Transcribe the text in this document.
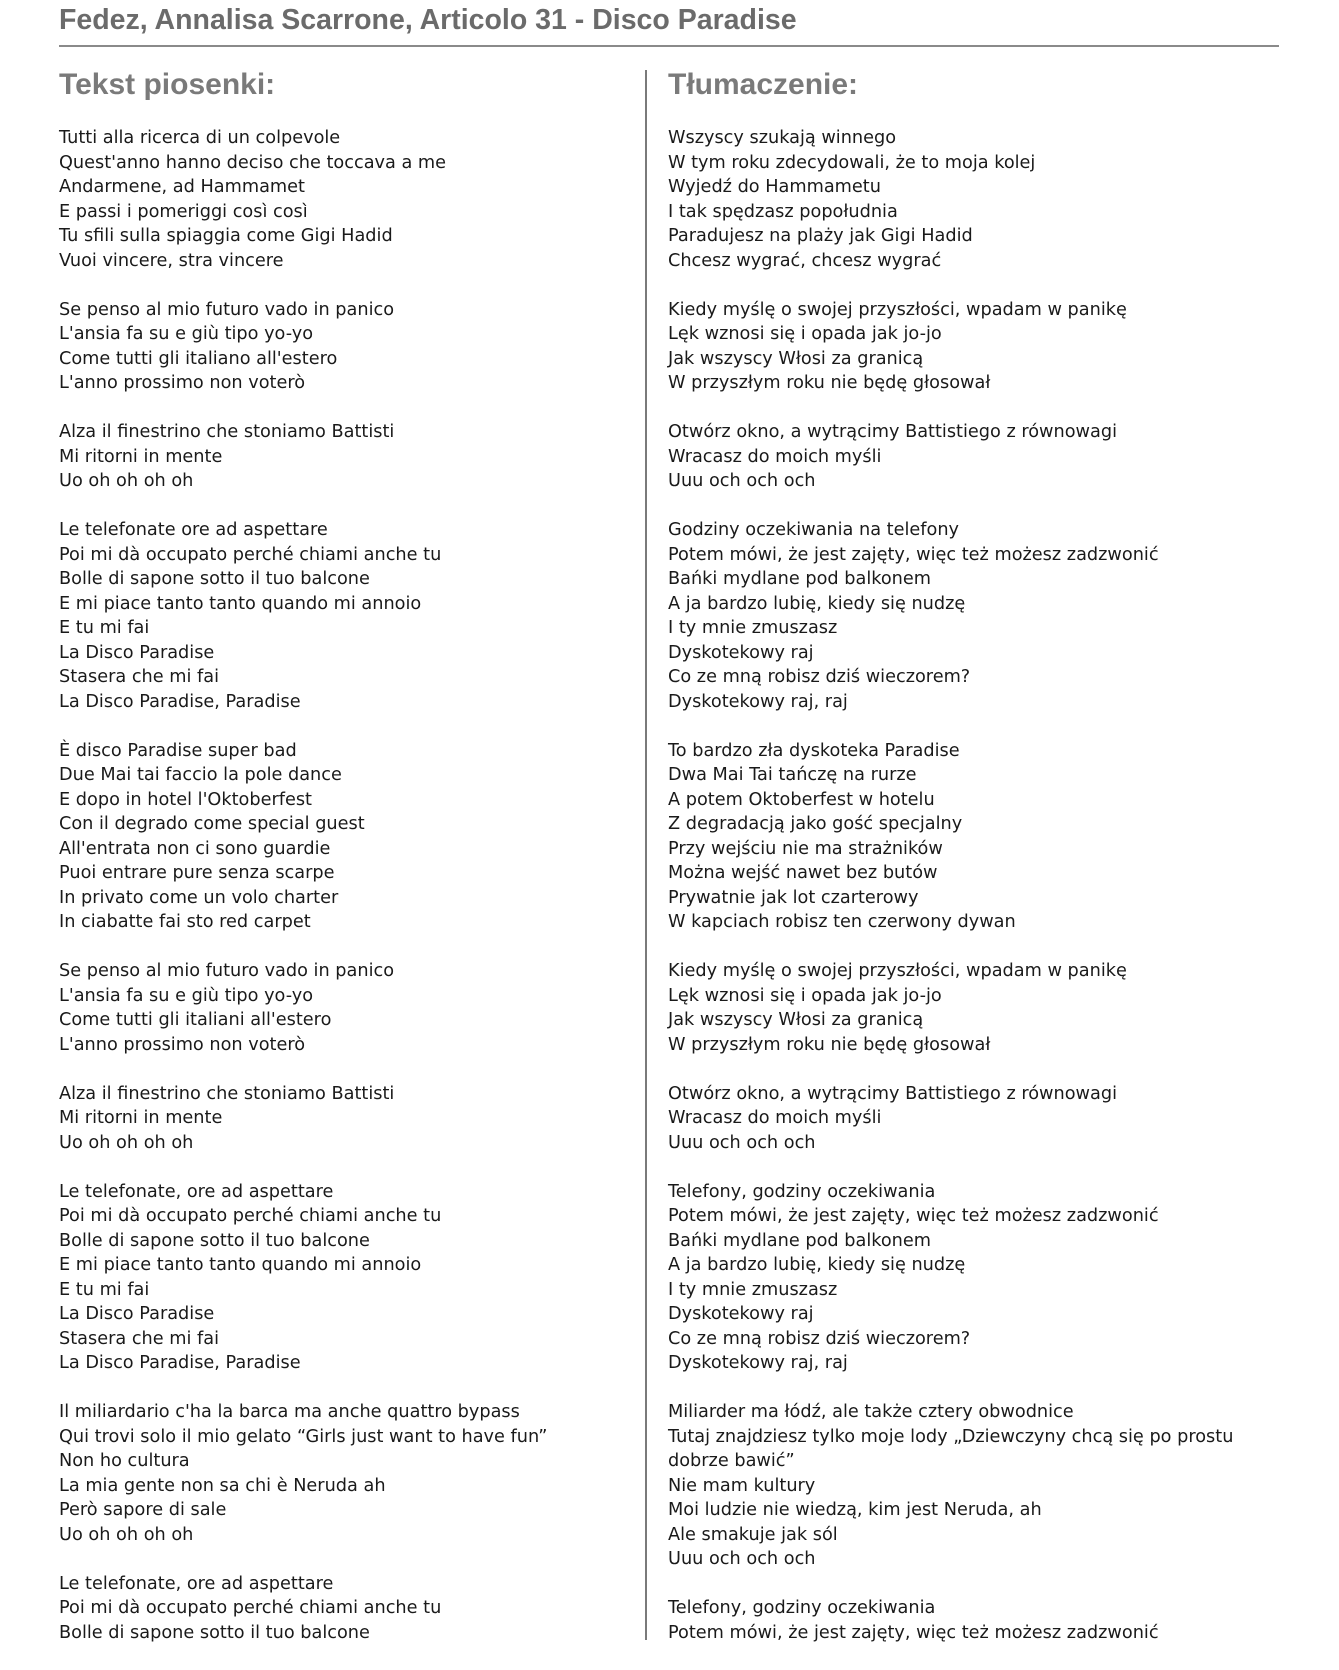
Fedez, Annalisa Scarrone, Articolo 31 - Disco Paradise
Tekst piosenki:
Tutti alla ricerca di un colpevole
Quest'anno hanno deciso che toccava a me
Andarmene, ad Hammamet
E passi i pomeriggi così così
Tu sfili sulla spiaggia come Gigi Hadid
Vuoi vincere, stra vincere
Se penso al mio futuro vado in panico
L'ansia fa su e giù tipo yo-yo
Come tutti gli italiano all'estero
L'anno prossimo non voterò
Alza il finestrino che stoniamo Battisti
Mi ritorni in mente
Uo oh oh oh oh
Le telefonate ore ad aspettare
Poi mi dà occupato perché chiami anche tu
Bolle di sapone sotto il tuo balcone
E mi piace tanto tanto quando mi annoio
E tu mi fai
La Disco Paradise
Stasera che mi fai
La Disco Paradise, Paradise
È disco Paradise super bad
Due Mai tai faccio la pole dance
E dopo in hotel l'Oktoberfest
Con il degrado come special guest
All'entrata non ci sono guardie
Puoi entrare pure senza scarpe
In privato come un volo charter
In ciabatte fai sto red carpet
Se penso al mio futuro vado in panico
L'ansia fa su e giù tipo yo-yo
Come tutti gli italiani all'estero
L'anno prossimo non voterò
Alza il finestrino che stoniamo Battisti
Mi ritorni in mente
Uo oh oh oh oh
Le telefonate, ore ad aspettare
Poi mi dà occupato perché chiami anche tu
Bolle di sapone sotto il tuo balcone
E mi piace tanto tanto quando mi annoio
E tu mi fai
La Disco Paradise
Stasera che mi fai
La Disco Paradise, Paradise
Il miliardario c'ha la barca ma anche quattro bypass
Qui trovi solo il mio gelato “Girls just want to have fun”
Non ho cultura
La mia gente non sa chi è Neruda ah
Però sapore di sale
Uo oh oh oh oh
Le telefonate, ore ad aspettare
Poi mi dà occupato perché chiami anche tu
Bolle di sapone sotto il tuo balcone
Tłumaczenie:
Wszyscy szukają winnego
W tym roku zdecydowali, że to moja kolej
Wyjedź do Hammametu
I tak spędzasz popołudnia
Paradujesz na plaży jak Gigi Hadid
Chcesz wygrać, chcesz wygrać
Kiedy myślę o swojej przyszłości, wpadam w panikę
Lęk wznosi się i opada jak jo-jo
Jak wszyscy Włosi za granicą
W przyszłym roku nie będę głosował
Otwórz okno, a wytrącimy Battistiego z równowagi
Wracasz do moich myśli
Uuu och och och
Godziny oczekiwania na telefony
Potem mówi, że jest zajęty, więc też możesz zadzwonić
Bańki mydlane pod balkonem
A ja bardzo lubię, kiedy się nudzę
I ty mnie zmuszasz
Dyskotekowy raj
Co ze mną robisz dziś wieczorem?
Dyskotekowy raj, raj
To bardzo zła dyskoteka Paradise
Dwa Mai Tai tańczę na rurze
A potem Oktoberfest w hotelu
Z degradacją jako gość specjalny
Przy wejściu nie ma strażników
Można wejść nawet bez butów
Prywatnie jak lot czarterowy
W kapciach robisz ten czerwony dywan
Kiedy myślę o swojej przyszłości, wpadam w panikę
Lęk wznosi się i opada jak jo-jo
Jak wszyscy Włosi za granicą
W przyszłym roku nie będę głosował
Otwórz okno, a wytrącimy Battistiego z równowagi
Wracasz do moich myśli
Uuu och och och
Telefony, godziny oczekiwania
Potem mówi, że jest zajęty, więc też możesz zadzwonić
Bańki mydlane pod balkonem
A ja bardzo lubię, kiedy się nudzę
I ty mnie zmuszasz
Dyskotekowy raj
Co ze mną robisz dziś wieczorem?
Dyskotekowy raj, raj
Miliarder ma łódź, ale także cztery obwodnice
Tutaj znajdziesz tylko moje lody „Dziewczyny chcą się po prostu dobrze bawić”
Nie mam kultury
Moi ludzie nie wiedzą, kim jest Neruda, ah
Ale smakuje jak sól
Uuu och och och
Telefony, godziny oczekiwania
Potem mówi, że jest zajęty, więc też możesz zadzwonić
